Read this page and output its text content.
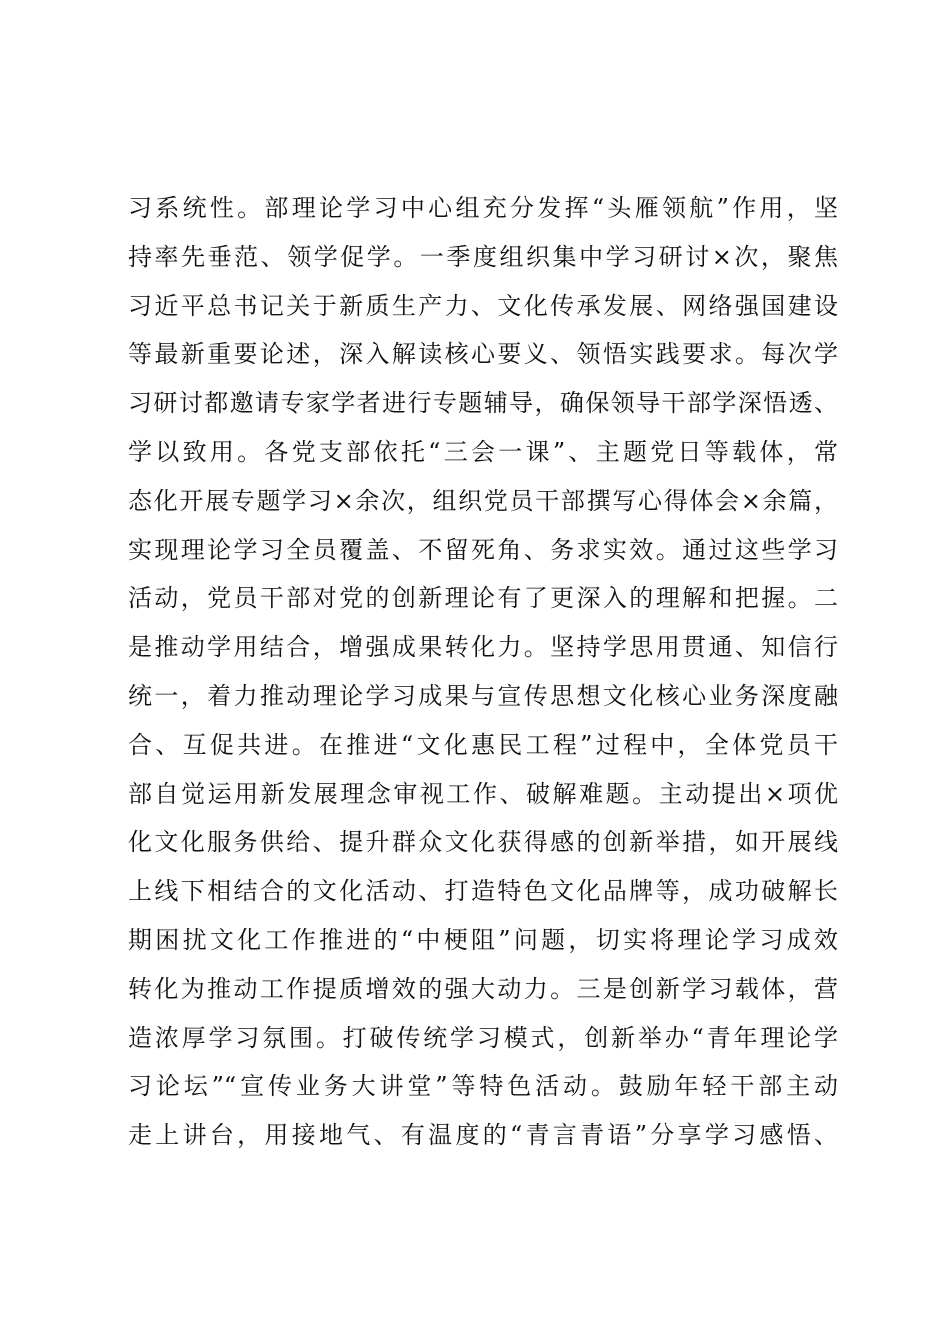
习系统性。部理论学习中心组充分发挥“头雁领航”作用，坚
持率先垂范、领学促学。一季度组织集中学习研讨×次，聚焦
习近平总书记关于新质生产力、文化传承发展、网络强国建设
等最新重要论述，深入解读核心要义、领悟实践要求。每次学
习研讨都邀请专家学者进行专题辅导，确保领导干部学深悟透、
学以致用。各党支部依托“三会一课”、主题党日等载体，常
态化开展专题学习×余次，组织党员干部撰写心得体会×余篇，
实现理论学习全员覆盖、不留死角、务求实效。通过这些学习
活动，党员干部对党的创新理论有了更深入的理解和把握。二
是推动学用结合，增强成果转化力。坚持学思用贯通、知信行
统一，着力推动理论学习成果与宣传思想文化核心业务深度融
合、互促共进。在推进“文化惠民工程”过程中，全体党员干
部自觉运用新发展理念审视工作、破解难题。主动提出×项优
化文化服务供给、提升群众文化获得感的创新举措，如开展线
上线下相结合的文化活动、打造特色文化品牌等，成功破解长
期困扰文化工作推进的“中梗阻”问题，切实将理论学习成效
转化为推动工作提质增效的强大动力。三是创新学习载体，营
造浓厚学习氛围。打破传统学习模式，创新举办“青年理论学
习论坛”“宣传业务大讲堂”等特色活动。鼓励年轻干部主动
走上讲台，用接地气、有温度的“青言青语”分享学习感悟、
